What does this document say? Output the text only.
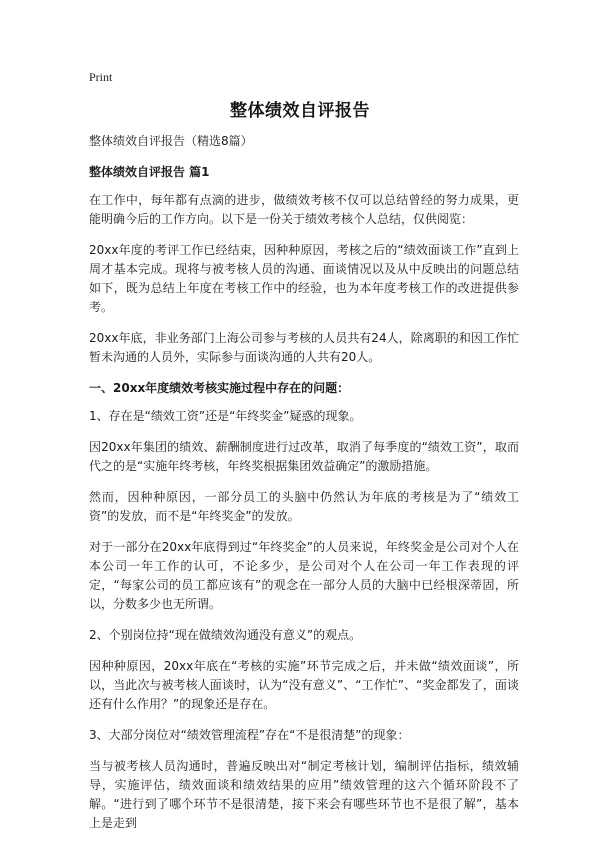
Print
整体绩效自评报告

整体绩效自评报告（精选8篇）

整体绩效自评报告 篇1

在工作中，每年都有点滴的进步，做绩效考核不仅可以总结曾经的努力成果，更能明确今后的工作方向。以下是一份关于绩效考核个人总结，仅供阅览：

20xx年度的考评工作已经结束，因种种原因，考核之后的“绩效面谈工作”直到上周才基本完成。现将与被考核人员的沟通、面谈情况以及从中反映出的问题总结如下，既为总结上年度在考核工作中的经验，也为本年度考核工作的改进提供参考。

20xx年底，非业务部门上海公司参与考核的人员共有24人，除离职的和因工作忙暂未沟通的人员外，实际参与面谈沟通的人共有20人。

一、20xx年度绩效考核实施过程中存在的问题：

1、存在是“绩效工资”还是“年终奖金”疑惑的现象。

因20xx年集团的绩效、薪酬制度进行过改革，取消了每季度的“绩效工资”，取而代之的是“实施年终考核，年终奖根据集团效益确定”的激励措施。

然而，因种种原因，一部分员工的头脑中仍然认为年底的考核是为了“绩效工资”的发放，而不是“年终奖金”的发放。

对于一部分在20xx年底得到过“年终奖金”的人员来说，年终奖金是公司对个人在本公司一年工作的认可，不论多少，是公司对个人在公司一年工作表现的评定，“每家公司的员工都应该有”的观念在一部分人员的大脑中已经根深蒂固，所以，分数多少也无所谓。

2、个别岗位持“现在做绩效沟通没有意义”的观点。

因种种原因，20xx年底在“考核的实施”环节完成之后，并未做“绩效面谈”，所以，当此次与被考核人面谈时，认为“没有意义”、“工作忙”、“奖金都发了，面谈还有什么作用？”的现象还是存在。

3、大部分岗位对“绩效管理流程”存在“不是很清楚”的现象：

当与被考核人员沟通时，普遍反映出对“制定考核计划，编制评估指标，绩效辅导，实施评估，绩效面谈和绩效结果的应用”绩效管理的这六个循环阶段不了解。“进行到了哪个环节不是很清楚，接下来会有哪些环节也不是很了解”，基本上是走到
